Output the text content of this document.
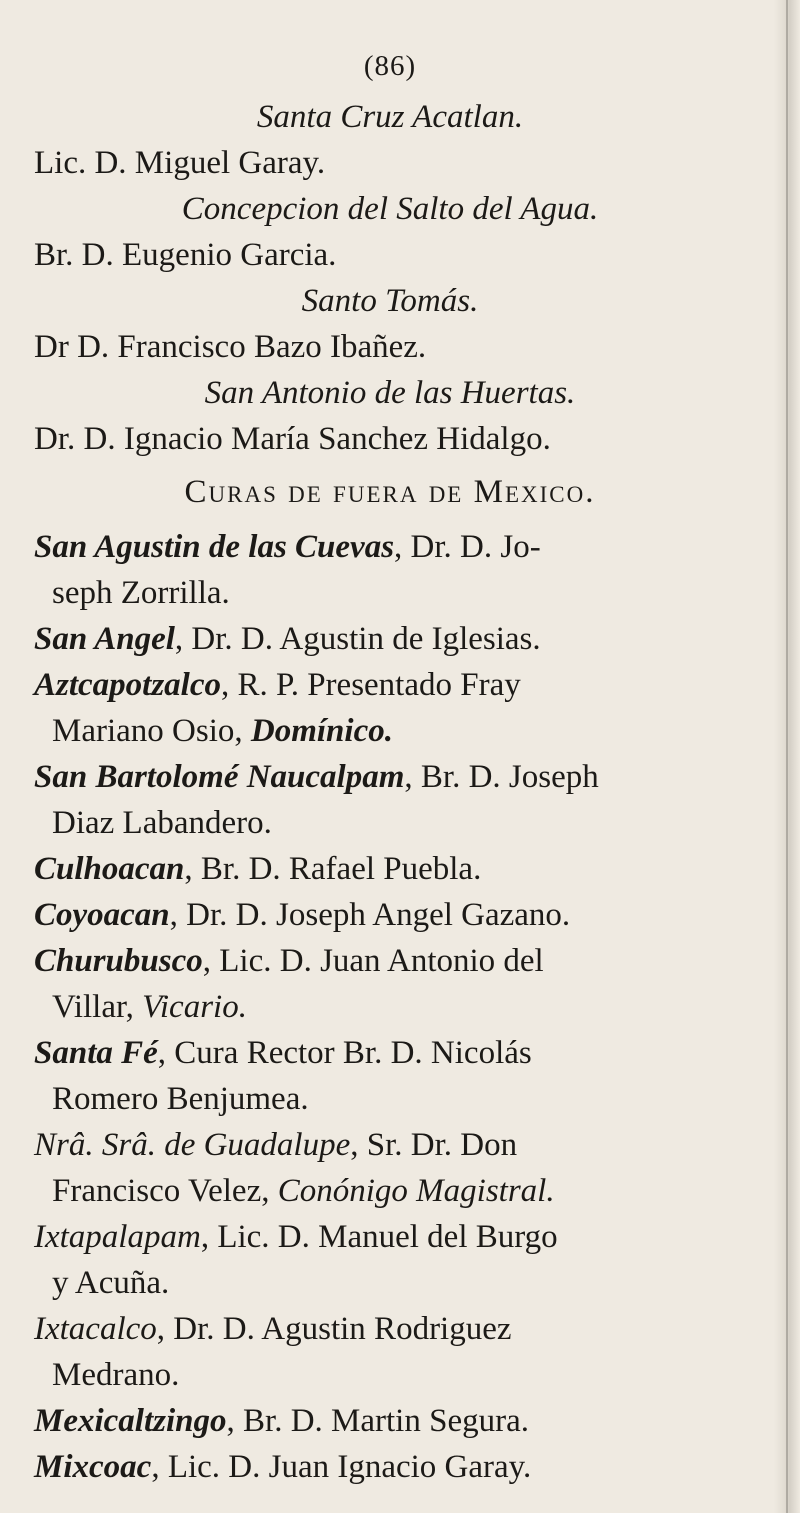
(86)
Santa Cruz Acatlan.
Lic. D. Miguel Garay.
Concepcion del Salto del Agua.
Br. D. Eugenio Garcia.
Santo Tomás.
Dr D. Francisco Bazo Ibañez.
San Antonio de las Huertas.
Dr. D. Ignacio María Sanchez Hidalgo.
Curas de fuera de Mexico.
San Agustin de las Cuevas, Dr. D. Jo-
seph Zorrilla.
San Angel, Dr. D. Agustin de Iglesias.
Aztcapotzalco, R. P. Presentado Fray
Mariano Osio, Domínico.
San Bartolomé Naucalpam, Br. D. Joseph
Diaz Labandero.
Culhoacan, Br. D. Rafael Puebla.
Coyoacan, Dr. D. Joseph Angel Gazano.
Churubusco, Lic. D. Juan Antonio del
Villar, Vicario.
Santa Fé, Cura Rector Br. D. Nicolás
Romero Benjumea.
Nrâ. Srâ. de Guadalupe, Sr. Dr. Don
Francisco Velez, Conónigo Magistral.
Ixtapalapam, Lic. D. Manuel del Burgo
y Acuña.
Ixtacalco, Dr. D. Agustin Rodriguez
Medrano.
Mexicaltzingo, Br. D. Martin Segura.
Mixcoac, Lic. D. Juan Ignacio Garay.
